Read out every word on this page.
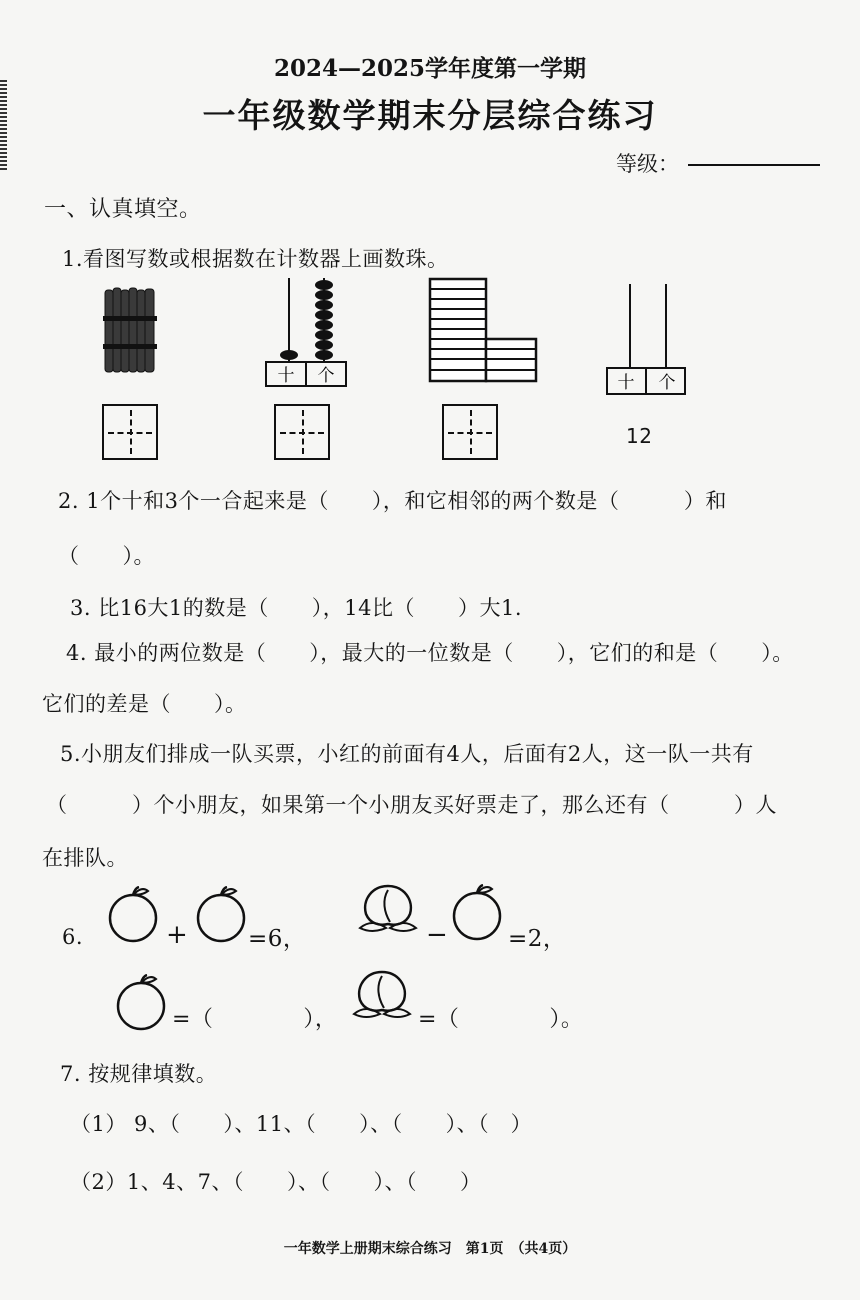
2024—2025学年度第一学期
一年级数学期末分层综合练习
等级：
一、认真填空。
1.看图写数或根据数在计数器上画数珠。
十 个	十 个
12
2. 1个十和3个一合起来是（　　），和它相邻的两个数是（　　　）和
（　　）。
3. 比16大1的数是（　　），14比（　　）大1.
4. 最小的两位数是（　　），最大的一位数是（　　），它们的和是（　　）。
它们的差是（　　）。
5.小朋友们排成一队买票，小红的前面有4人，后面有2人，这一队一共有
（　　　）个小朋友，如果第一个小朋友买好票走了，那么还有（　　　）人
在排队。
6.	+	=6，	−	=2，
=（　　　　），	=（　　　　）。
7. 按规律填数。
（1） 9、（　　）、11、（　　）、（　　）、（　）
（2）1、4、7、（　　）、（　　）、（　　）
一年数学上册期末综合练习　第1页　（共4页）
